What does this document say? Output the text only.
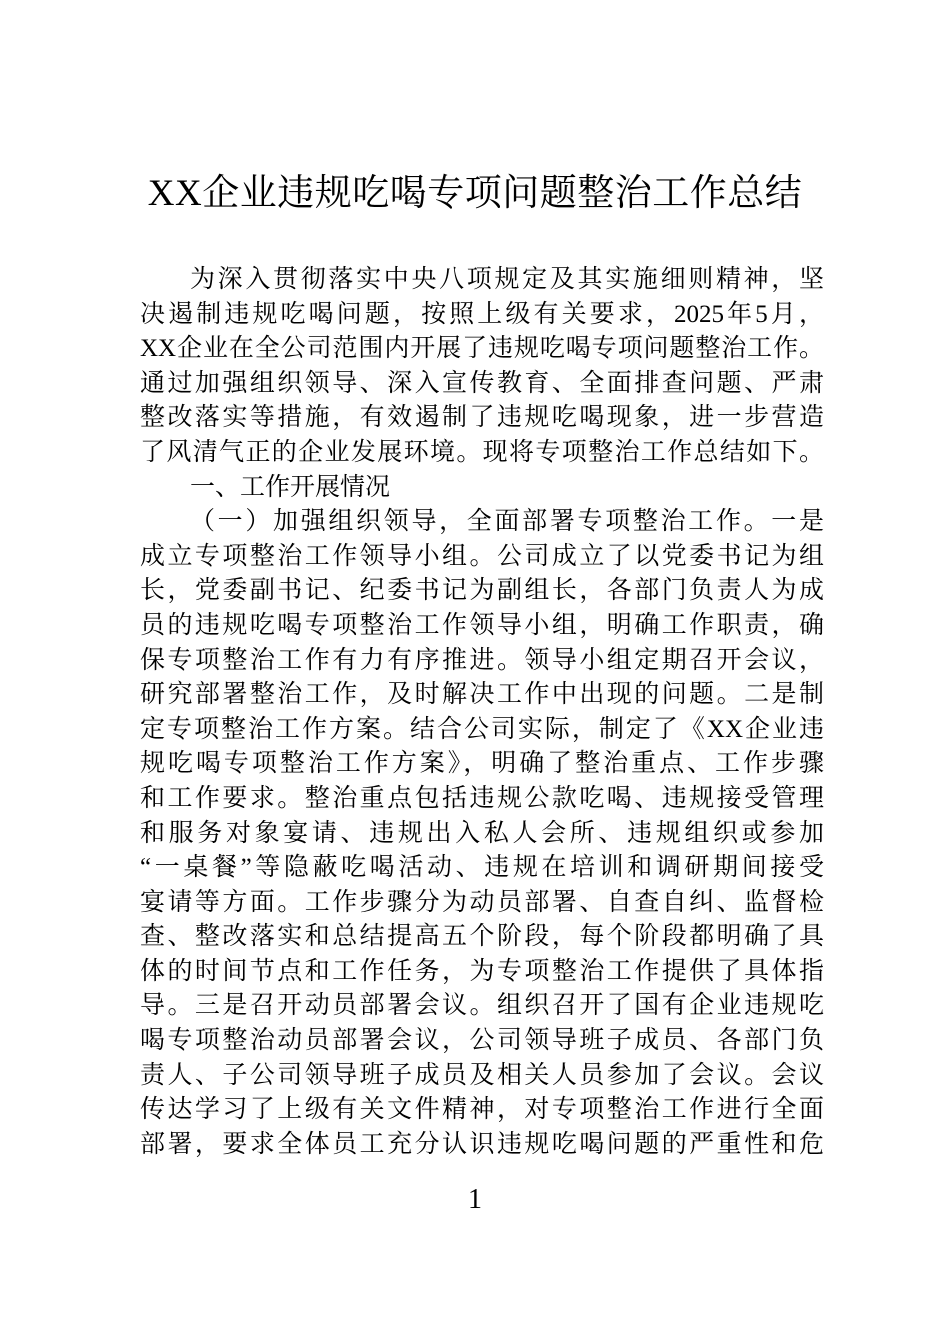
XX企业违规吃喝专项问题整治工作总结
为深入贯彻落实中央八项规定及其实施细则精神，坚
决遏制违规吃喝问题，按照上级有关要求，2025年5月，
XX企业在全公司范围内开展了违规吃喝专项问题整治工作。
通过加强组织领导、深入宣传教育、全面排查问题、严肃
整改落实等措施，有效遏制了违规吃喝现象，进一步营造
了风清气正的企业发展环境。现将专项整治工作总结如下。
一、工作开展情况
（一）加强组织领导，全面部署专项整治工作。一是
成立专项整治工作领导小组。公司成立了以党委书记为组
长，党委副书记、纪委书记为副组长，各部门负责人为成
员的违规吃喝专项整治工作领导小组，明确工作职责，确
保专项整治工作有力有序推进。领导小组定期召开会议，
研究部署整治工作，及时解决工作中出现的问题。二是制
定专项整治工作方案。结合公司实际，制定了《XX企业违
规吃喝专项整治工作方案》，明确了整治重点、工作步骤
和工作要求。整治重点包括违规公款吃喝、违规接受管理
和服务对象宴请、违规出入私人会所、违规组织或参加
“一桌餐”等隐蔽吃喝活动、违规在培训和调研期间接受
宴请等方面。工作步骤分为动员部署、自查自纠、监督检
查、整改落实和总结提高五个阶段，每个阶段都明确了具
体的时间节点和工作任务，为专项整治工作提供了具体指
导。三是召开动员部署会议。组织召开了国有企业违规吃
喝专项整治动员部署会议，公司领导班子成员、各部门负
责人、子公司领导班子成员及相关人员参加了会议。会议
传达学习了上级有关文件精神，对专项整治工作进行全面
部署，要求全体员工充分认识违规吃喝问题的严重性和危
1
